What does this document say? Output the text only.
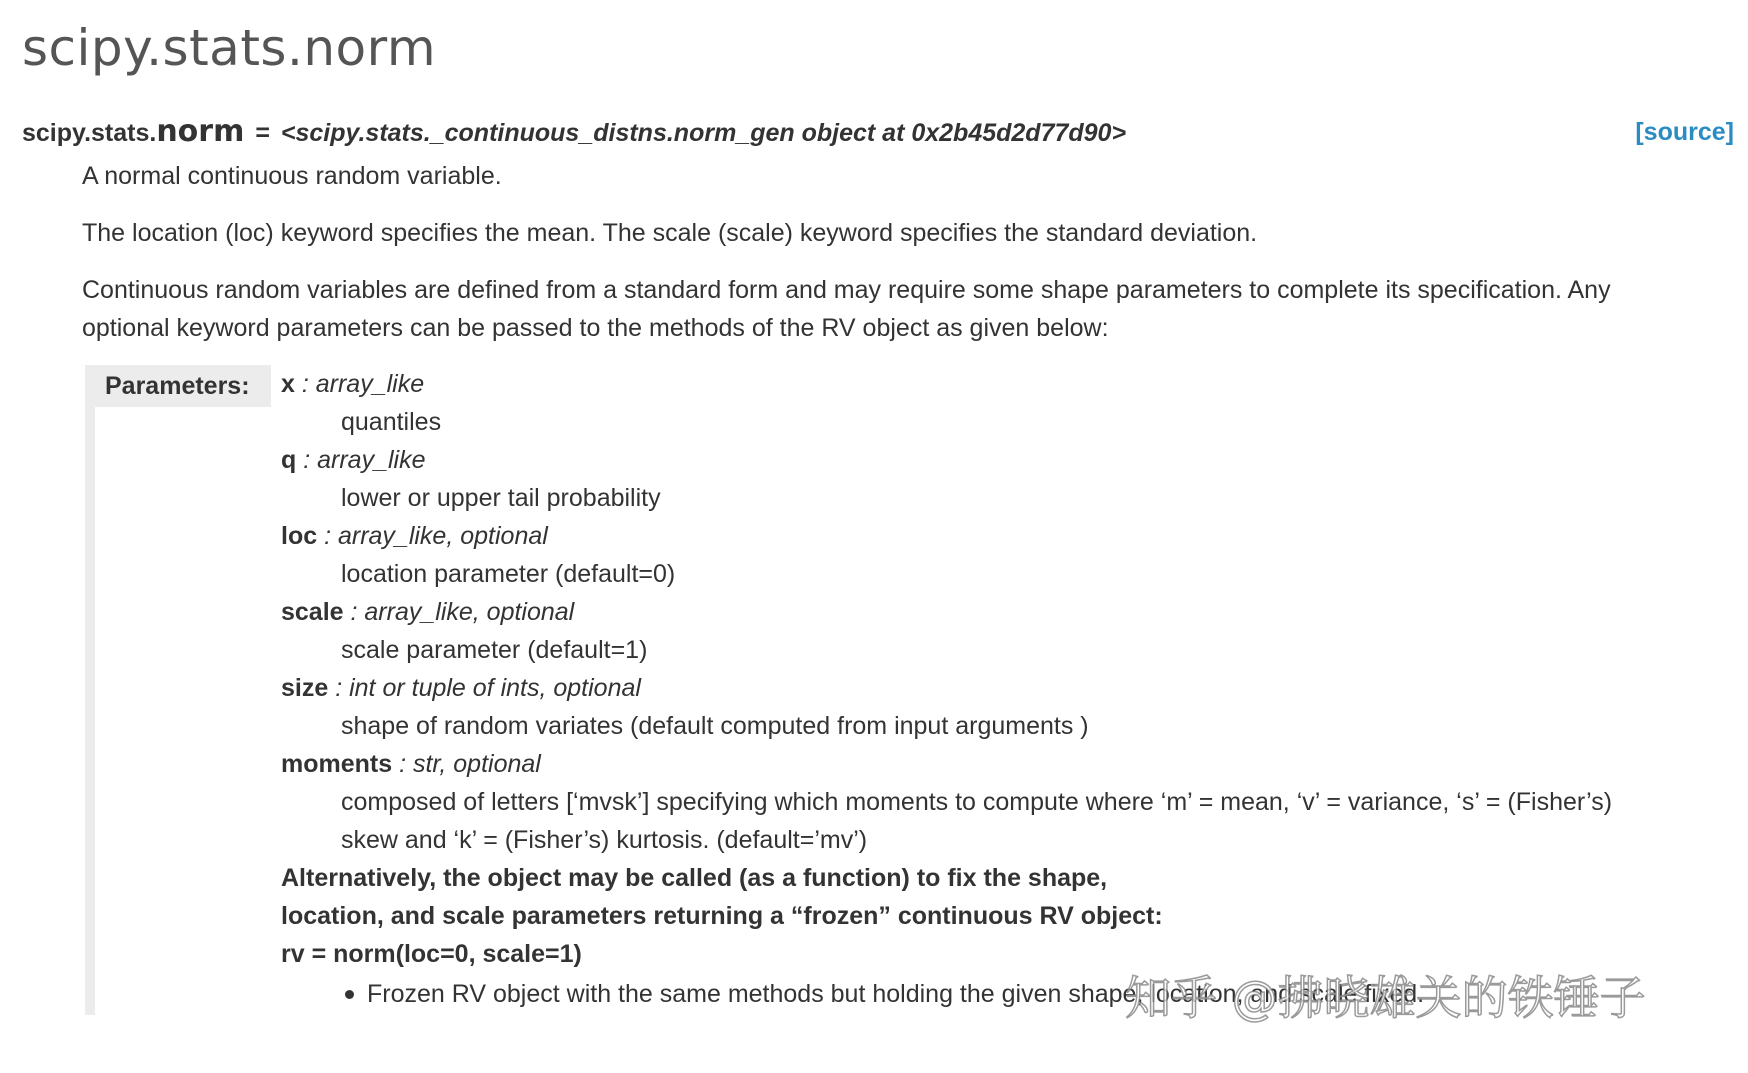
scipy.stats.norm
scipy.stats.norm = <scipy.stats._continuous_distns.norm_gen object at 0x2b45d2d77d90>	[source]

A normal continuous random variable.

The location (loc) keyword specifies the mean. The scale (scale) keyword specifies the standard deviation.

Continuous random variables are defined from a standard form and may require some shape parameters to complete its specification. Any
optional keyword parameters can be passed to the methods of the RV object as given below:

Parameters: x : array_like
quantiles
q : array_like
lower or upper tail probability
loc : array_like, optional
location parameter (default=0)
scale : array_like, optional
scale parameter (default=1)
size : int or tuple of ints, optional
shape of random variates (default computed from input arguments )
moments : str, optional
composed of letters [‘mvsk’] specifying which moments to compute where ‘m’ = mean, ‘v’ = variance, ‘s’ = (Fisher’s)
skew and ‘k’ = (Fisher’s) kurtosis. (default=’mv’)
Alternatively, the object may be called (as a function) to fix the shape,
location, and scale parameters returning a “frozen” continuous RV object:
rv = norm(loc=0, scale=1)
Frozen RV object with the same methods but holding the given shape, location, and scale fixed.
知乎 @拂晓雄关的铁锤子
